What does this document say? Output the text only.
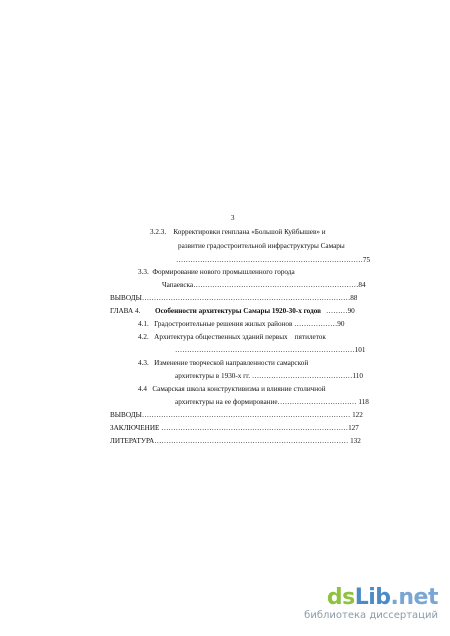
3
3.2.3.    Корректировки генплана «Большой Куйбышев» и
развитие градостроительной инфраструктуры Самары
……………………………………………………………………75
3.3.  Формирование нового промышленного города
Чапаевска……………………………………………………………84
ВЫВОДЫ……………………………………………………………………………88
ГЛАВА 4. Особенности архитектуры Самары 1920-30-х годов ………90
4.1.   Градостроительные решения жилых районов ………………90
4.2.   Архитектура общественных зданий первых    пятилеток
…………………………………………………………………101
4.3.   Изменение творческой направленности самарской
архитектуры в 1930-х гг. ……………………………………110
4.4   Самарская школа конструктивизма и влияние столичной
архитектуры на ее формирование…………………………… 118
ВЫВОДЫ…………………………………………………………………………… 122
ЗАКЛЮЧЕНИЕ ……………………………………………………………………127
ЛИТЕРАТУРА……………………………………………………………………… 132
dsLib.net
библиотека диссертаций
